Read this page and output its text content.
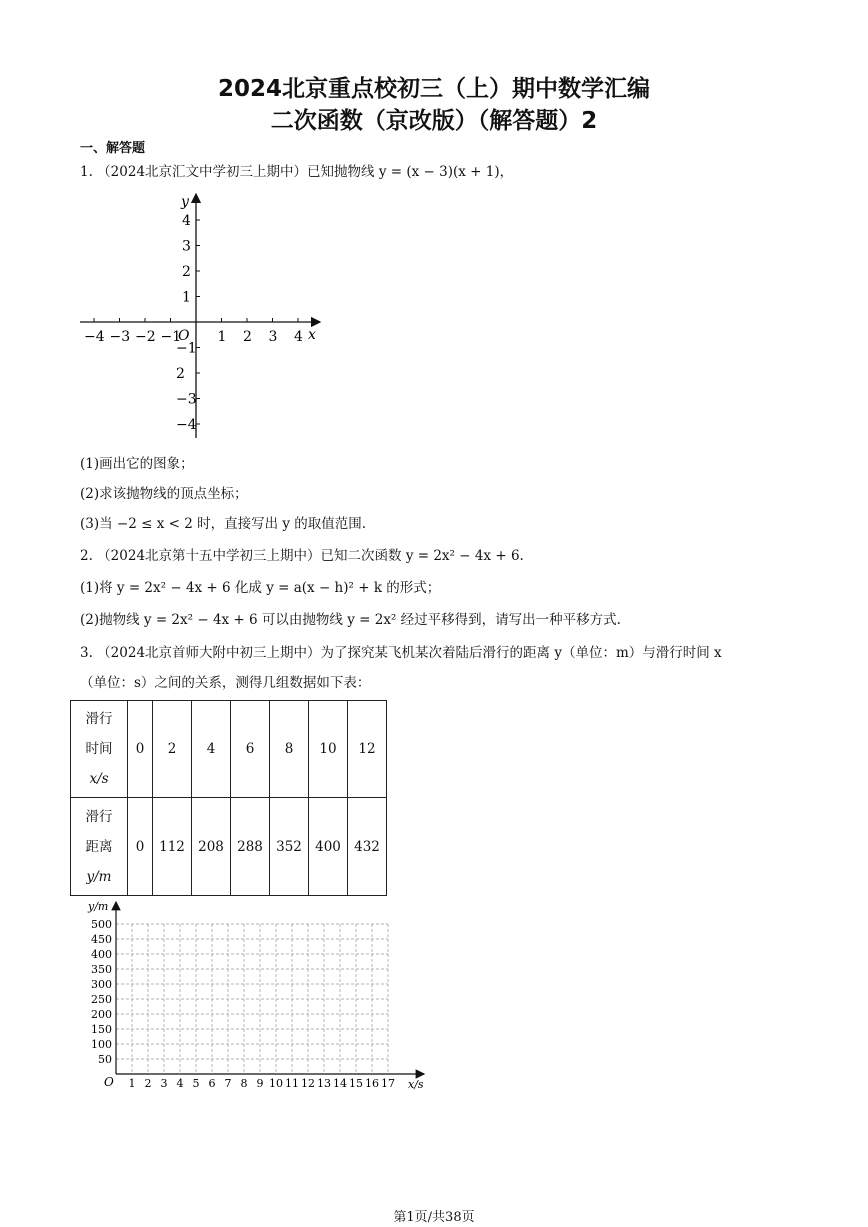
2024北京重点校初三（上）期中数学汇编
二次函数（京改版）（解答题）2
一、解答题
1. （2024北京汇文中学初三上期中）已知抛物线 y = (x − 3)(x + 1)，
−4 −3 −2 −1	1 2 3 4
4
3
2
1
−1
2
−3
−4
O	x
y
(1)画出它的图象；
(2)求该抛物线的顶点坐标；
(3)当 −2 ≤ x < 2 时，直接写出 y 的取值范围.
2. （2024北京第十五中学初三上期中）已知二次函数 y = 2x² − 4x + 6.
(1)将 y = 2x² − 4x + 6 化成 y = a(x − h)² + k 的形式；
(2)抛物线 y = 2x² − 4x + 6 可以由抛物线 y = 2x² 经过平移得到，请写出一种平移方式.
3. （2024北京首师大附中初三上期中）为了探究某飞机某次着陆后滑行的距离 y（单位：m）与滑行时间 x
（单位：s）之间的关系，测得几组数据如下表：
滑行
时间
x/s	0	2	4	6	8	10	12

滑行
距离
y/m	0	112	208	288	352	400	432
500
450
400
350
300
250
200
150
100
50
1 2 3 4 5 6 7 8 9 10 11 12 13 14 15 16 17
y/m
x/s
O
第1页/共38页
